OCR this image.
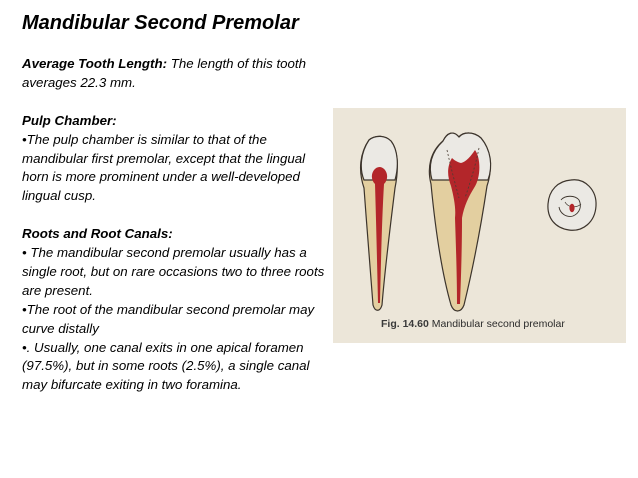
Mandibular Second Premolar

Average Tooth Length: The length of this tooth averages 22.3 mm.

Pulp Chamber:

•The pulp chamber is similar to that of the mandibular first premolar, except that the lingual horn is more prominent under a well-developed lingual cusp.

Roots and Root Canals:

• The mandibular second premolar usually has a single root, but on rare occasions two to three roots are present.

•The root of the mandibular second premolar may curve distally

•. Usually, one canal exits in one apical foramen (97.5%), but in some roots (2.5%), a single canal may bifurcate exiting in two foramina.

Fig. 14.60 Mandibular second premolar
